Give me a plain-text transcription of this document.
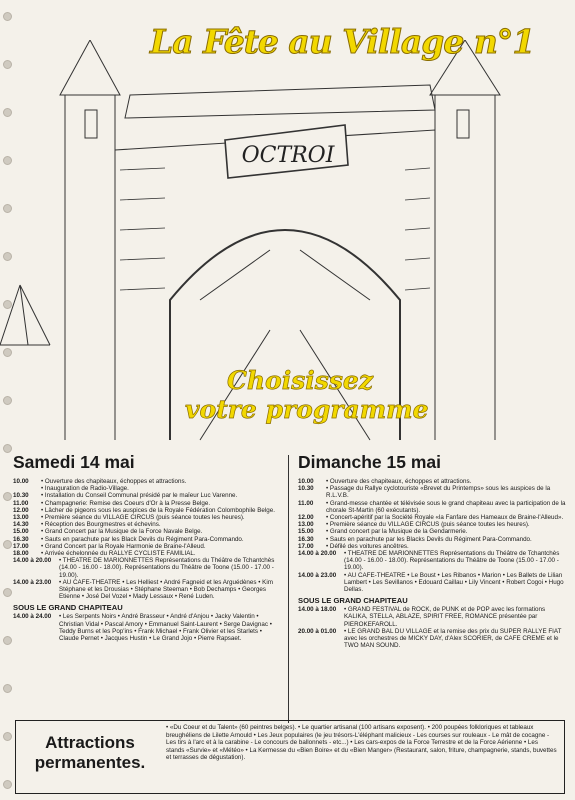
OCTROI
La Fête au Village n°1
Choisissez
votre programme
Samedi 14 mai
10.00	• Ouverture des chapiteaux, échoppes et attractions.
• Inauguration de Radio-Village.
10.30	• Installation du Conseil Communal présidé par le maïeur Luc Varenne.
11.00	• Champagnerie: Remise des Coeurs d'Or à la Presse Belge.
12.00	• Lâcher de pigeons sous les auspices de la Royale Fédération Colombophile Belge.
13.00	• Première séance du VILLAGE CIRCUS (puis séance toutes les heures).
14.30	• Réception des Bourgmestres et échevins.
15.00	• Grand Concert par la Musique de la Force Navale Belge.
16.30	• Sauts en parachute par les Black Devils du Régiment Para-Commando.
17.00	• Grand Concert par la Royale Harmonie de Braine-l'Alleud.
18.00	• Arrivée échelonnée du RALLYE CYCLISTE FAMILIAL.
14.00 à 20.00	• THEATRE DE MARIONNETTES Représentations du Théâtre de Tchantchès (14.00 - 16.00 - 18.00). Représentations du Théâtre de Toone (15.00 - 17.00 - 19.00).
14.00 à 23.00	• AU CAFE-THEATRE • Les Helliest • André Fagneid et les Arguédènes • Kim Stéphane et les Drousias • Stéphane Steeman • Bob Dechamps • Georges Etienne • José Del Vozel • Mady Lessaux • René Luden.
SOUS LE GRAND CHAPITEAU
14.00 à 24.00	• Les Serpents Noirs • André Brasseur • André d'Anjou • Jacky Valentin • Christian Vidal • Pascal Amory • Emmanuel Saint-Laurent • Serge Davignac • Teddy Burns et les Pop'ins • Frank Michael • Frank Olivier et les Starlets • Claude Pernet • Jacques Hustin • Le Grand Jojo • Pierre Rapsaet.
Dimanche 15 mai
10.00	• Ouverture des chapiteaux, échoppes et attractions.
10.30	• Passage du Rallye cyclotouriste «Brevet du Printemps» sous les auspices de la R.L.V.B.
11.00	• Grand-messe chantée et télévisée sous le grand chapiteau avec la participation de la chorale St-Martin (60 exécutants).
12.00	• Concert-apéritif par la Société Royale «la Fanfare des Hameaux de Braine-l'Alleud».
13.00	• Première séance du VILLAGE CIRCUS (puis séance toutes les heures).
15.00	• Grand concert par la Musique de la Gendarmerie.
16.30	• Sauts en parachute par les Blacks Devils du Régiment Para-Commando.
17.00	• Défilé des voitures ancêtres.
14.00 à 20.00	• THEATRE DE MARIONNETTES Représentations du Théâtre de Tchantchès (14.00 - 16.00 - 18.00). Représentations du Théâtre de Toone (15.00 - 17.00 - 19.00).
14.00 à 23.00	• AU CAFE-THEATRE • Le Boust • Les Ribanos • Marion • Les Ballets de Lilian Lambert • Les Sevillanos • Edouard Caillau • Lily Vincent • Robert Cogoi • Hugo Dellas.
SOUS LE GRAND CHAPITEAU
14.00 à 18.00	• GRAND FESTIVAL de ROCK, de PUNK et de POP avec les formations KALIKA, STELLA, ABLAZE, SPIRIT FREE, ROMANCE présentée par PIEROKEFAROLL.
20.00 à 01.00	• LE GRAND BAL DU VILLAGE et la remise des prix du SUPER RALLYE FIAT avec les orchestres de MICKY DAY, d'Alex SCORIER, de CAFE CREME et le TWO MAN SOUND.
Attractions permanentes.
• «Du Coeur et du Talent» (60 peintres belges). • Le quartier artisanal (100 artisans exposent). • 200 poupées folkloriques et tableaux breughéliens de Lilette Arnould • Les Jeux populaires (le jeu trésors-L'éléphant malicieux - Les courses sur rouleaux - Le mât de cocagne - Les tirs à l'arc et à la carabine - Le concours de ballonnets - etc...) • Les cars-expos de la Force Terrestre et de la Force Aérienne • Les stands «Survie» et «Météo» • La Kermesse du «Bien Boire» et du «Bien Manger» (Restaurant, salon, friture, champagnerie, stands, buvettes et terrasses de dégustation).
